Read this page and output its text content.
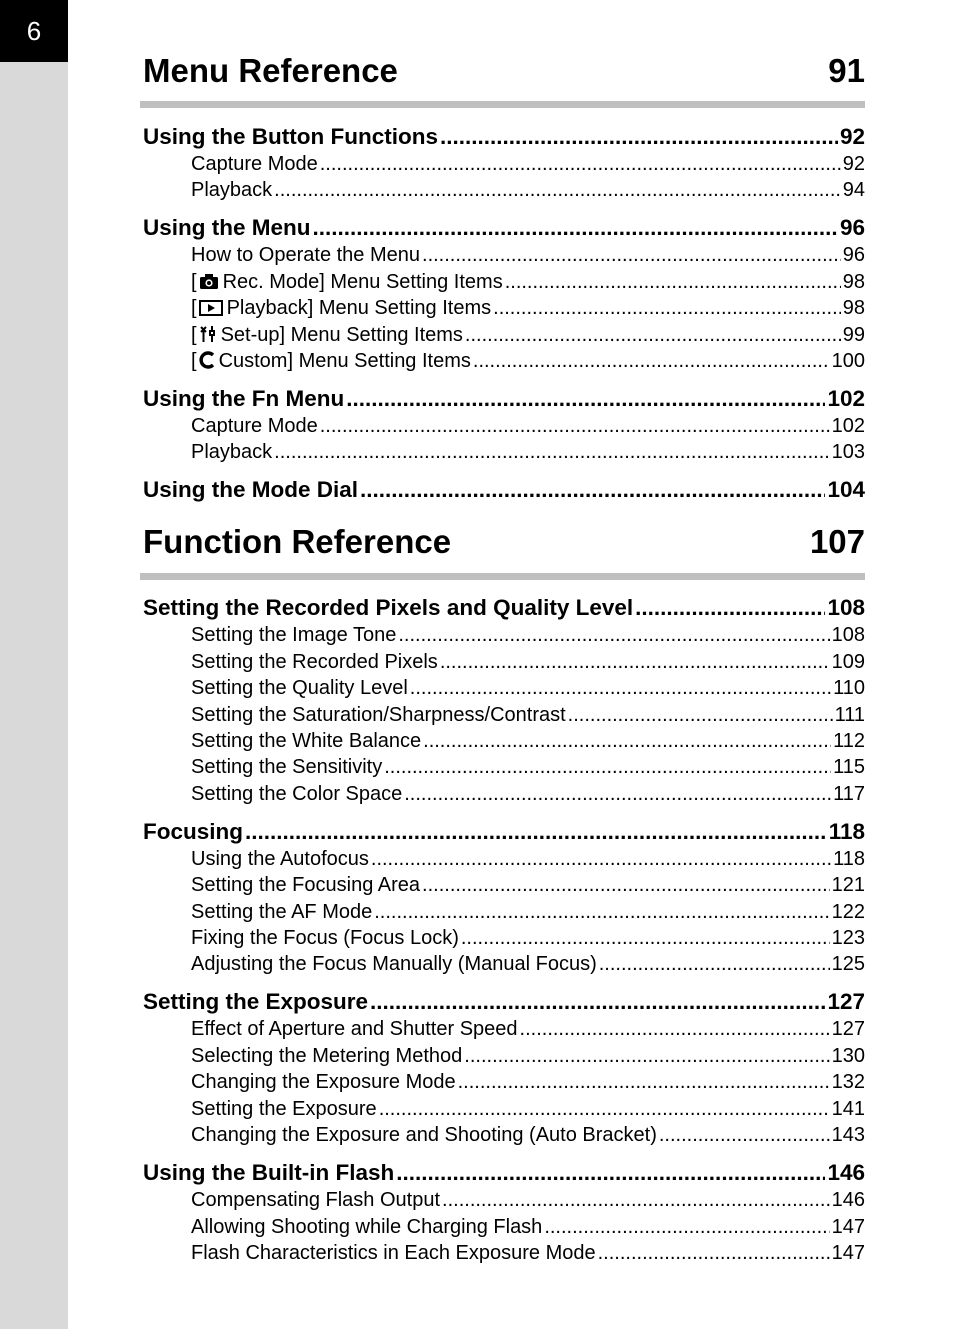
6
Menu Reference	91
Using the Button Functions .....	92
Capture Mode .....	92
Playback .....	94
Using the Menu .....	96
How to Operate the Menu .....	96
[ Rec. Mode] Menu Setting Items .....	98
[ Playback] Menu Setting Items .....	98
[ Set-up] Menu Setting Items .....	99
[ Custom] Menu Setting Items .....	100
Using the Fn Menu .....	102
Capture Mode .....	102
Playback .....	103
Using the Mode Dial .....	104
Function Reference	107
Setting the Recorded Pixels and Quality Level .....	108
Setting the Image Tone .....	108
Setting the Recorded Pixels .....	109
Setting the Quality Level .....	110
Setting the Saturation/Sharpness/Contrast .....	111
Setting the White Balance .....	112
Setting the Sensitivity .....	115
Setting the Color Space .....	117
Focusing .....	118
Using the Autofocus .....	118
Setting the Focusing Area .....	121
Setting the AF Mode .....	122
Fixing the Focus (Focus Lock) .....	123
Adjusting the Focus Manually (Manual Focus) .....	125
Setting the Exposure .....	127
Effect of Aperture and Shutter Speed .....	127
Selecting the Metering Method .....	130
Changing the Exposure Mode .....	132
Setting the Exposure .....	141
Changing the Exposure and Shooting (Auto Bracket) .....	143
Using the Built-in Flash .....	146
Compensating Flash Output .....	146
Allowing Shooting while Charging Flash .....	147
Flash Characteristics in Each Exposure Mode .....	147
